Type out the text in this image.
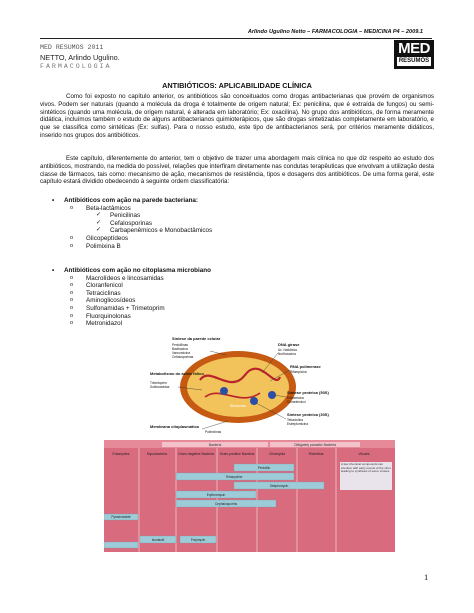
Arlindo Ugulino Netto – FARMACOLOGIA – MEDICINA P4 – 2009.1
MED RESUMOS 2011
NETTO, Arlindo Ugulino.
FARMACOLOGIA
MED
RESUMOS
ANTIBIÓTICOS: APLICABILIDADE CLÍNICA
Como foi exposto no capítulo anterior, os antibióticos são conceituados como drogas antibacterianas que provém de organismos vivos. Podem ser naturais (quando a molécula da droga é totalmente de origem natural; Ex: penicilina, que é extraída de fungos) ou semi-sintéticos (quando uma molécula, de origem natural, é alterada em laboratório; Ex: oxacilina). No grupo dos antibióticos, de forma meramente didática, incluímos também o estudo de alguns antibacterianos quimioterápicos, que são drogas sintetizadas completamente em laboratório, e que se classifica como sintéticas (Ex: sulfas). Para o nosso estudo, este tipo de antibacterianos será, por critérios meramente didáticos, inserido nos grupos dos antibióticos.
Este capítulo, diferentemente do anterior, tem o objetivo de trazer uma abordagem mais clínica no que diz respeito ao estudo dos antibióticos, mostrando, na medida do possível, relações que interfiram diretamente nas condutas terapêuticas que envolvam a utilização desta classe de fármacos, tais como: mecanismo de ação, mecanismos de resistência, tipos e dosagens dos antibióticos. De uma forma geral, este capítulo estará dividido obedecendo à seguinte ordem classificatória:
• Antibióticos com ação na parede bacteriana:
o Beta-lactâmicos
✓ Penicilinas
✓ Cefalosporinas
✓ Carbapenêmicos e Monobactâmicos
o Glicopeptídeos
o Polimixina B
• Antibióticos com ação no citoplasma microbiano
o Macrolídeos e lincosamidas
o Cloranfenicol
o Tetraciclinas
o Aminoglicosídeos
o Sulfonamidas + Trimetoprim
o Fluorquinolonas
o Metronidazol
Ribosomes
Síntese da parede celular
Penicillinas
Bacitracina
Vancomicina
Cefalosporinas
Metabolismo do ácido fólico
Trimetoprim
Sulfonamidas
Membrana citoplasmática
Polimixinas
DNA girase
Ac. Nalidixico
Norfloxacina
RNA polimerase
Rifampicina
Síntese proteica (50S)
Eritromicina
Cloranfenicol
Síntese proteica (30S)
Tetraciclina
Estreptomicina
Bacteria	Obligately parasitic Bacteria
Eukaryotes	Mycobacteria	Gram-negative Bacteria Gram-positive Bacteria	Chlamydia	Rickettsia	Viruses
Penicillin
Tetracycline
Streptomycin
Erythromycin
Cephalosporins
Pyrazinamide
Polymyxin
Isoniazid
A few chemical compounds can interfere with early events of the virus leading to synthesis of some viruses
1
